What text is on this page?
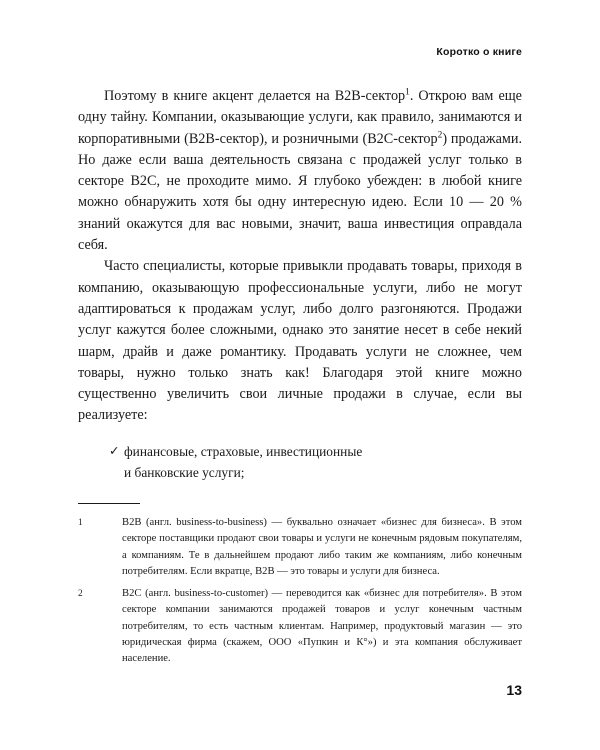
Коротко о книге

Поэтому в книге акцент делается на B2B-сектор$^1$. Открою вам еще одну тайну. Компании, оказывающие услуги, как правило, занимаются и корпоративными (B2B-сектор), и розничными (B2C-сектор$^2$) продажами. Но даже если ваша деятельность связана с продажей услуг только в секторе B2C, не проходите мимо. Я глубоко убежден: в любой книге можно обнаружить хотя бы одну интересную идею. Если 10 — 20 % знаний окажутся для вас новыми, значит, ваша инвестиция оправдала себя.

Часто специалисты, которые привыкли продавать товары, приходя в компанию, оказывающую профессиональные услуги, либо не могут адаптироваться к продажам услуг, либо долго разгоняются. Продажи услуг кажутся более сложными, однако это занятие несет в себе некий шарм, драйв и даже романтику. Продавать услуги не сложнее, чем товары, нужно только знать как! Благодаря этой книге можно существенно увеличить свои личные продажи в случае, если вы реализуете:

✓ финансовые, страховые, инвестиционные
и банковские услуги;
1	B2B (англ. business-to-business) — буквально означает «бизнес для бизнеса». В этом секторе поставщики продают свои товары и услуги не конечным рядовым покупателям, а компаниям. Те в дальнейшем продают либо таким же компаниям, либо конечным потребителям. Если вкратце, B2B — это товары и услуги для бизнеса.
2	B2C (англ. business-to-customer) — переводится как «бизнес для потребителя». В этом секторе компании занимаются продажей товаров и услуг конечным частным потребителям, то есть частным клиентам. Например, продуктовый магазин — это юридическая фирма (скажем, ООО «Пупкин и К°») и эта компания обслуживает население.
13
